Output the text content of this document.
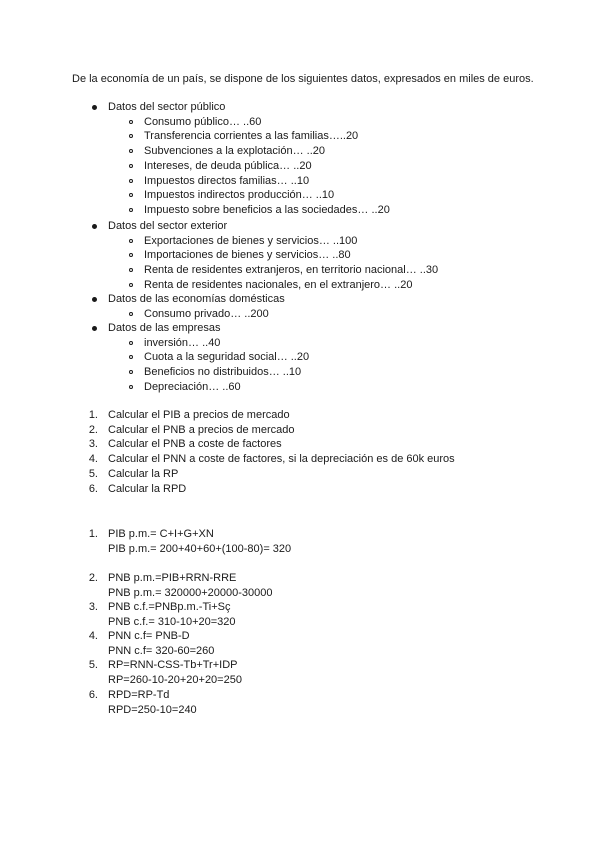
De la economía de un país, se dispone de los siguientes datos, expresados en miles de euros.
Datos del sector público
Consumo público… ..60
Transferencia corrientes a las familias…..20
Subvenciones a la explotación… ..20
Intereses, de deuda pública… ..20
Impuestos directos familias… ..10
Impuestos indirectos producción… ..10
Impuesto sobre beneficios a las sociedades… ..20
Datos del sector exterior
Exportaciones de bienes y servicios… ..100
Importaciones de bienes y servicios… ..80
Renta de residentes extranjeros, en territorio nacional… ..30
Renta de residentes nacionales, en el extranjero… ..20
Datos de las economías domésticas
Consumo privado… ..200
Datos de las empresas
inversión… ..40
Cuota a la seguridad social… ..20
Beneficios no distribuidos… ..10
Depreciación… ..60
1. Calcular el PIB a precios de mercado
2. Calcular el PNB a precios de mercado
3. Calcular el PNB a coste de factores
4. Calcular el PNN a coste de factores, si la depreciación es de 60k euros
5. Calcular la RP
6. Calcular la RPD
1. PIB p.m.= C+I+G+XN
PIB p.m.= 200+40+60+(100-80)= 320
2. PNB p.m.=PIB+RRN-RRE
PNB p.m.= 320000+20000-30000
3. PNB c.f.=PNBp.m.-Ti+Sç
PNB c.f.= 310-10+20=320
4. PNN c.f= PNB-D
PNN c.f= 320-60=260
5. RP=RNN-CSS-Tb+Tr+IDP
RP=260-10-20+20+20=250
6. RPD=RP-Td
RPD=250-10=240
